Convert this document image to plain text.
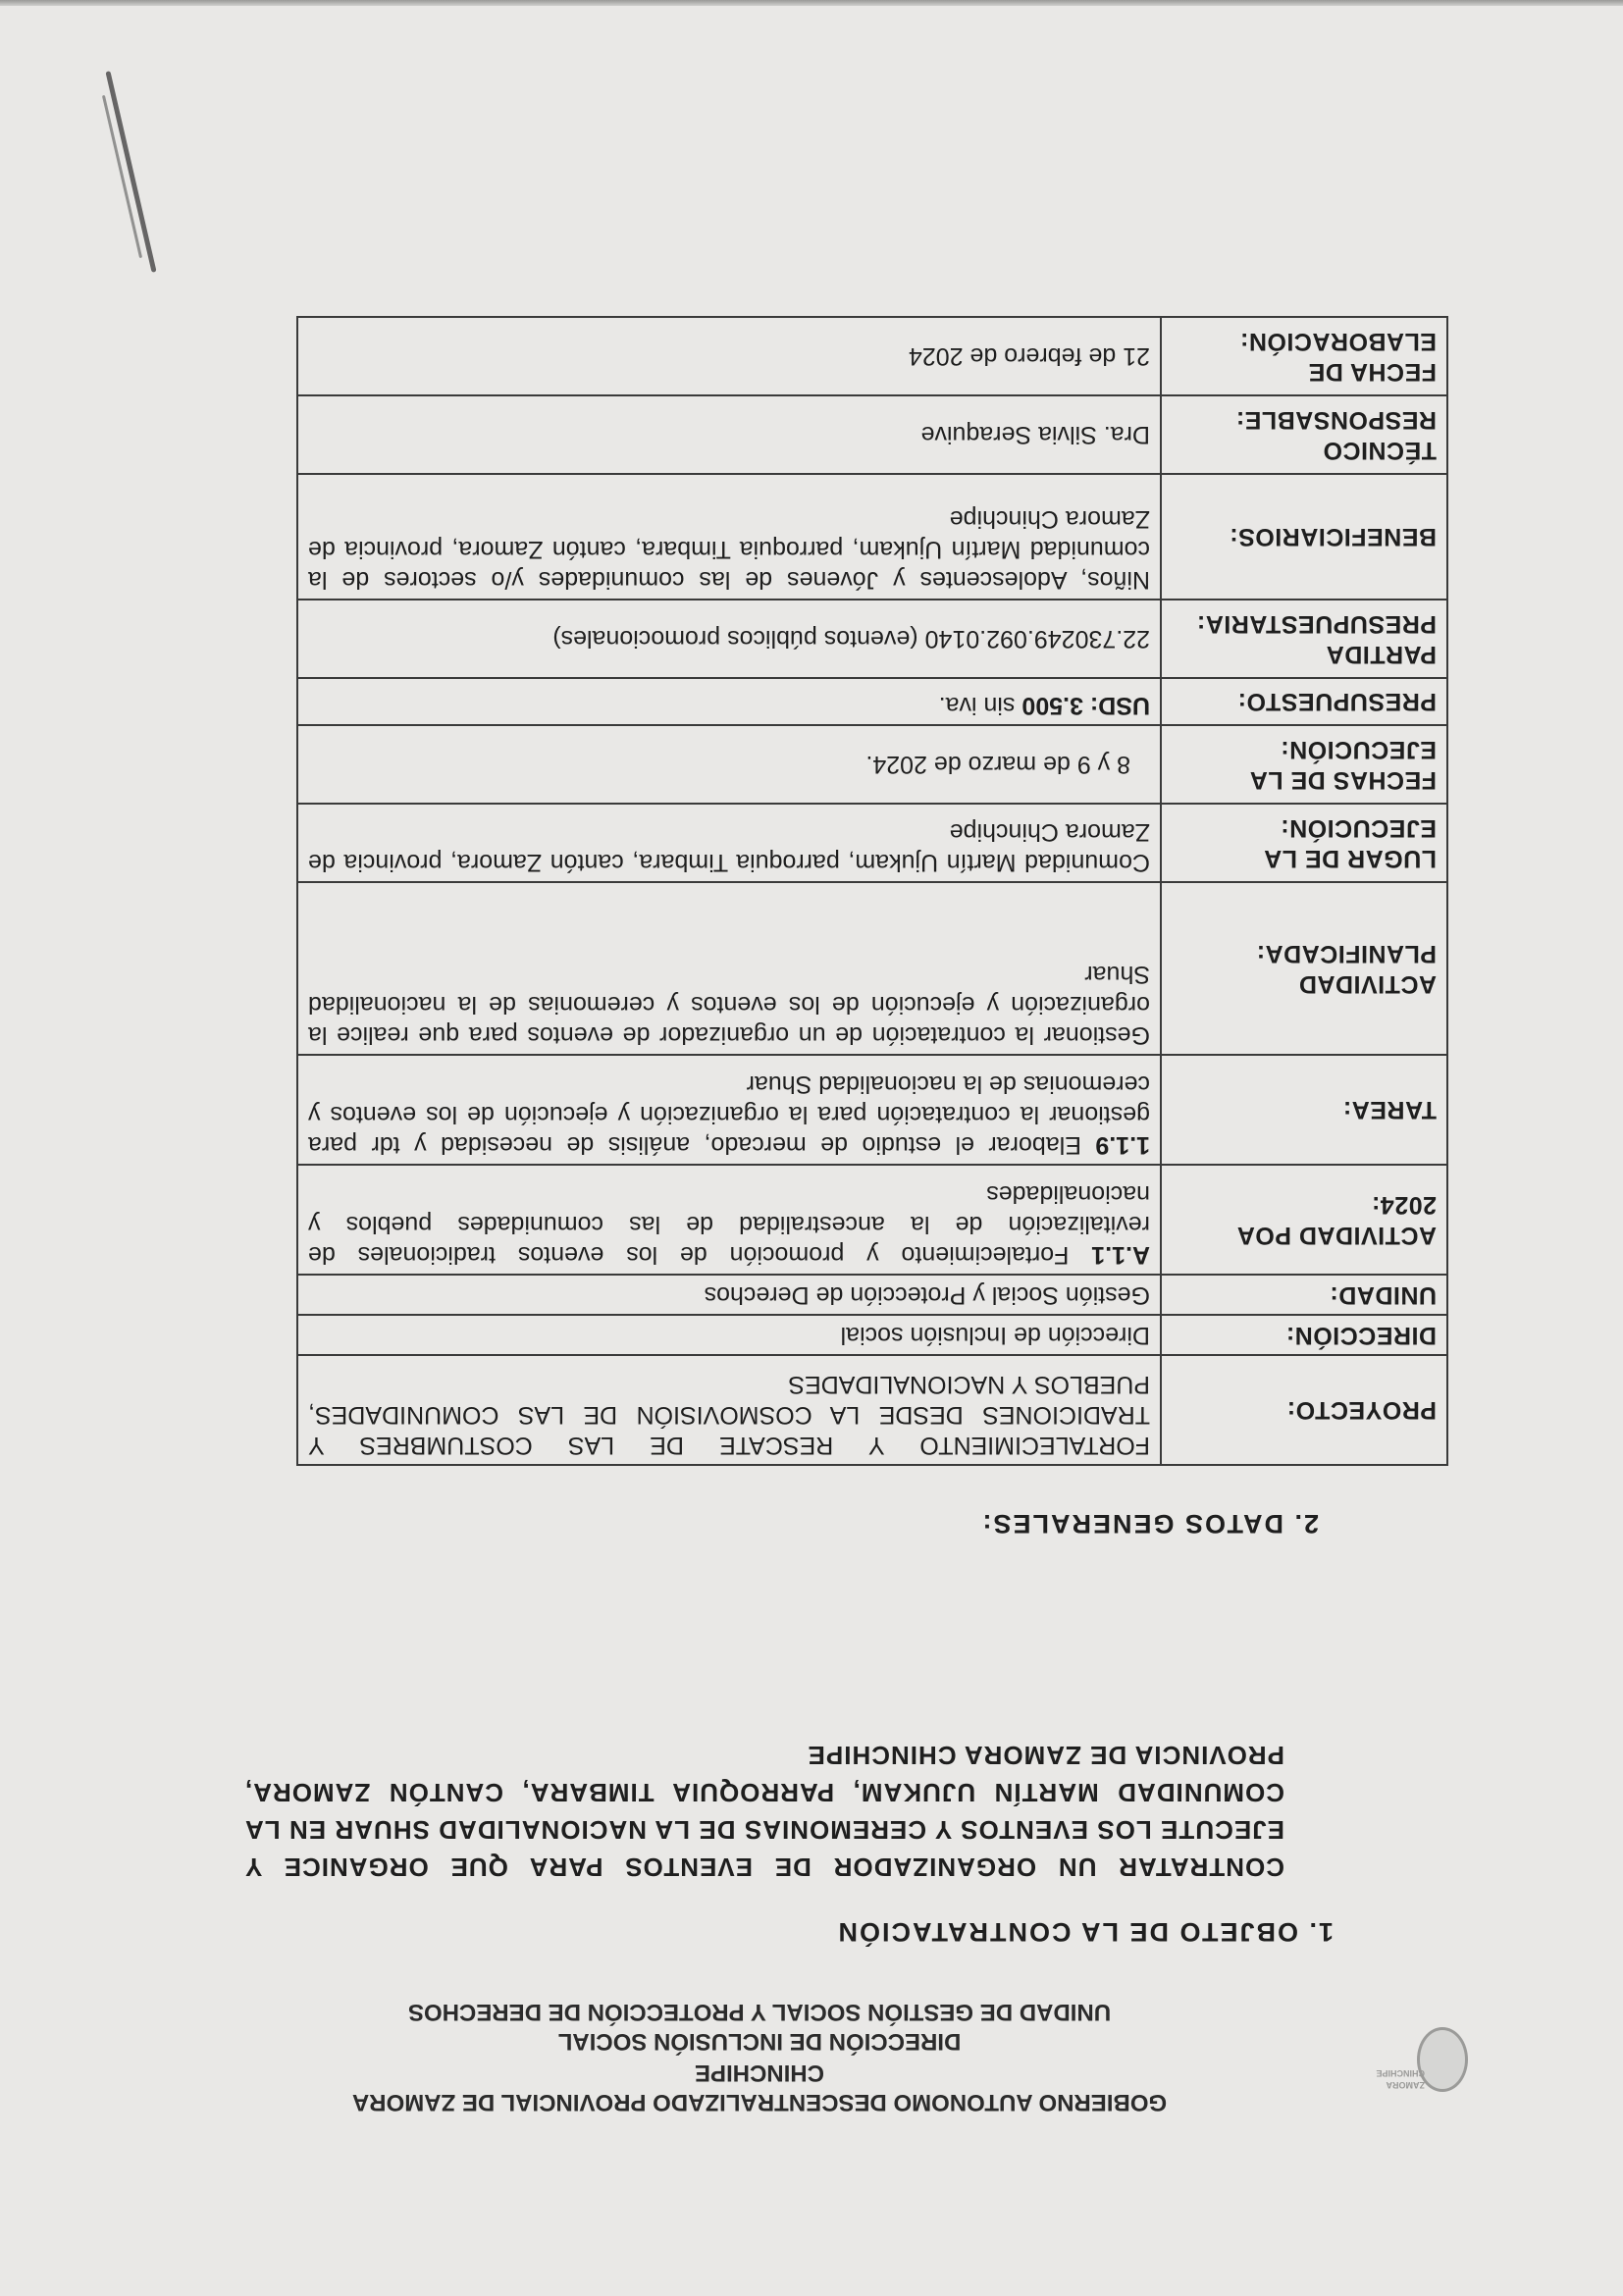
ZAMORA
CHINCHIPE
GOBIERNO AUTONOMO DESCENTRALIZADO PROVINCIAL DE ZAMORA
CHINCHIPE
DIRECCIÓN DE INCLUSIÓN SOCIAL
UNIDAD DE GESTIÓN SOCIAL Y PROTECCIÓN DE DERECHOS
1. OBJETO DE LA CONTRATACIÓN
CONTRATAR UN ORGANIZADOR DE EVENTOS PARA QUE ORGANICE Y EJECUTE LOS EVENTOS Y CEREMONIAS DE LA NACIONALIDAD SHUAR EN LA COMUNIDAD MARTÍN UJUKAM, PARROQUIA TIMBARA, CANTÓN ZAMORA, PROVINCIA DE ZAMORA CHINCHIPE
2. DATOS GENERALES:
PROYECTO:	FORTALECIMIENTO Y RESCATE DE LAS COSTUMBRES Y TRADICIONES DESDE LA COSMOVISIÓN DE LAS COMUNIDADES, PUEBLOS Y NACIONALIDADES
DIRECCIÓN:	Dirección de Inclusión social
UNIDAD:	Gestión Social y Protección de Derechos
ACTIVIDAD POA 2024:	A.1.1 Fortalecimiento y promoción de los eventos tradicionales de revitalización de la ancestralidad de las comunidades pueblos y nacionalidades
TAREA:	1.1.9 Elaborar el estudio de mercado, análisis de necesidad y tdr para gestionar la contratación para la organización y ejecución de los eventos y ceremonias de la nacionalidad Shuar
ACTIVIDAD PLANIFICADA:	Gestionar la contratación de un organizador de eventos para que realice la organización y ejecución de los eventos y ceremonias de la nacionalidad Shuar
LUGAR DE LA EJECUCIÓN:	Comunidad Martín Ujukam, parroquia Timbara, cantón Zamora, provincia de Zamora Chinchipe
FECHAS DE LA EJECUCIÓN:	8 y 9 de marzo de 2024.
PRESUPUESTO:	USD: 3.500 sin iva.
PARTIDA PRESUPUESTARIA:	22.730249.092.0140 (eventos públicos promocionales)
BENEFICIARIOS:	Niños, Adolescentes y Jóvenes de las comunidades y/o sectores de la comunidad Martín Ujukam, parroquia Timbara, cantón Zamora, provincia de Zamora Chinchipe
TÉCNICO RESPONSABLE:	Dra. Silvia Seraquive
FECHA DE ELABORACIÓN:	21 de febrero de 2024
